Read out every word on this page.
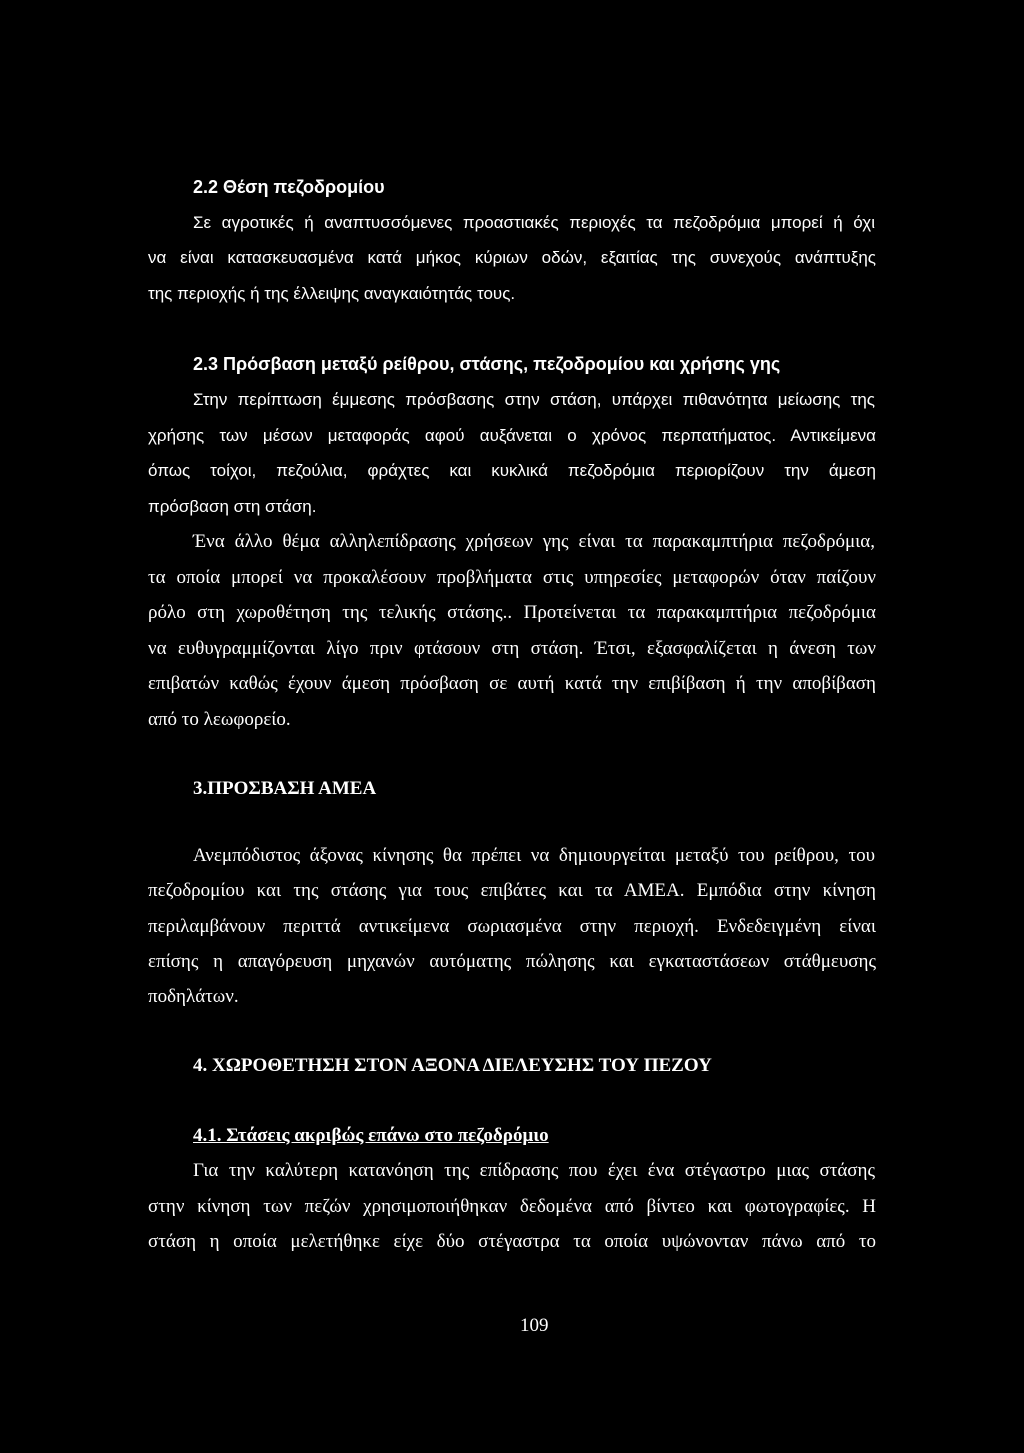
2.2 Θέση πεζοδρομίου
Σε αγροτικές ή αναπτυσσόμενες προαστιακές περιοχές τα πεζοδρόμια μπορεί ή όχι
να είναι κατασκευασμένα κατά μήκος κύριων οδών, εξαιτίας της συνεχούς ανάπτυξης
της περιοχής ή της έλλειψης αναγκαιότητάς τους.
2.3 Πρόσβαση μεταξύ ρείθρου, στάσης, πεζοδρομίου και χρήσης γης
Στην περίπτωση έμμεσης πρόσβασης στην στάση, υπάρχει πιθανότητα μείωσης της
χρήσης των μέσων μεταφοράς αφού αυξάνεται ο χρόνος περπατήματος. Αντικείμενα
όπως τοίχοι, πεζούλια, φράχτες και κυκλικά πεζοδρόμια περιορίζουν την άμεση
πρόσβαση στη στάση.
Ένα άλλο θέμα αλληλεπίδρασης χρήσεων γης είναι τα παρακαμπτήρια πεζοδρόμια,
τα οποία μπορεί να προκαλέσουν προβλήματα στις υπηρεσίες μεταφορών όταν παίζουν
ρόλο στη χωροθέτηση της τελικής στάσης.. Προτείνεται τα παρακαμπτήρια πεζοδρόμια
να ευθυγραμμίζονται λίγο πριν φτάσουν στη στάση. Έτσι, εξασφαλίζεται η άνεση των
επιβατών καθώς έχουν άμεση πρόσβαση σε αυτή κατά την επιβίβαση ή την αποβίβαση
από το λεωφορείο.
3.ΠΡΟΣΒΑΣΗ ΑΜΕΑ
Ανεμπόδιστος άξονας κίνησης θα πρέπει να δημιουργείται μεταξύ του ρείθρου, του
πεζοδρομίου και της στάσης για τους επιβάτες και τα ΑΜΕΑ. Εμπόδια στην κίνηση
περιλαμβάνουν περιττά αντικείμενα σωριασμένα στην περιοχή. Ενδεδειγμένη είναι
επίσης η απαγόρευση μηχανών αυτόματης πώλησης και εγκαταστάσεων στάθμευσης
ποδηλάτων.
4. ΧΩΡΟΘΕΤΗΣΗ ΣΤΟΝ ΑΞΟΝΑ ΔΙΕΛΕΥΣΗΣ ΤΟΥ ΠΕΖΟΥ
4.1. Στάσεις ακριβώς επάνω στο πεζοδρόμιο
Για την καλύτερη κατανόηση της επίδρασης που έχει ένα στέγαστρο μιας στάσης
στην κίνηση των πεζών χρησιμοποιήθηκαν δεδομένα από βίντεο και φωτογραφίες. Η
στάση η οποία μελετήθηκε είχε δύο στέγαστρα τα οποία υψώνονταν πάνω από το
109
